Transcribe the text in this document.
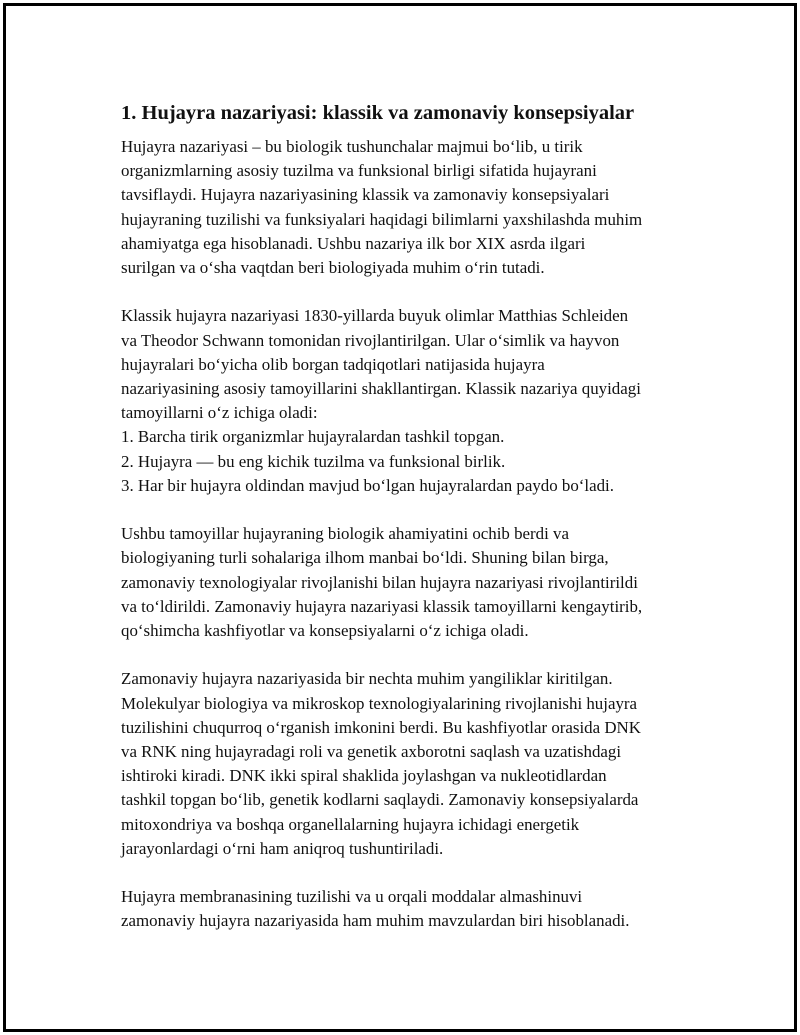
1. Hujayra nazariyasi: klassik va zamonaviy konsepsiyalar

Hujayra nazariyasi – bu biologik tushunchalar majmui bo‘lib, u tirik
organizmlarning asosiy tuzilma va funksional birligi sifatida hujayrani
tavsiflaydi. Hujayra nazariyasining klassik va zamonaviy konsepsiyalari
hujayraning tuzilishi va funksiyalari haqidagi bilimlarni yaxshilashda muhim
ahamiyatga ega hisoblanadi. Ushbu nazariya ilk bor XIX asrda ilgari
surilgan va o‘sha vaqtdan beri biologiyada muhim o‘rin tutadi.

Klassik hujayra nazariyasi 1830-yillarda buyuk olimlar Matthias Schleiden
va Theodor Schwann tomonidan rivojlantirilgan. Ular o‘simlik va hayvon
hujayralari bo‘yicha olib borgan tadqiqotlari natijasida hujayra
nazariyasining asosiy tamoyillarini shakllantirgan. Klassik nazariya quyidagi
tamoyillarni o‘z ichiga oladi:
1. Barcha tirik organizmlar hujayralardan tashkil topgan.
2. Hujayra — bu eng kichik tuzilma va funksional birlik.
3. Har bir hujayra oldindan mavjud bo‘lgan hujayralardan paydo bo‘ladi.

Ushbu tamoyillar hujayraning biologik ahamiyatini ochib berdi va
biologiyaning turli sohalariga ilhom manbai bo‘ldi. Shuning bilan birga,
zamonaviy texnologiyalar rivojlanishi bilan hujayra nazariyasi rivojlantirildi
va to‘ldirildi. Zamonaviy hujayra nazariyasi klassik tamoyillarni kengaytirib,
qo‘shimcha kashfiyotlar va konsepsiyalarni o‘z ichiga oladi.

Zamonaviy hujayra nazariyasida bir nechta muhim yangiliklar kiritilgan.
Molekulyar biologiya va mikroskop texnologiyalarining rivojlanishi hujayra
tuzilishini chuqurroq o‘rganish imkonini berdi. Bu kashfiyotlar orasida DNK
va RNK ning hujayradagi roli va genetik axborotni saqlash va uzatishdagi
ishtiroki kiradi. DNK ikki spiral shaklida joylashgan va nukleotidlardan
tashkil topgan bo‘lib, genetik kodlarni saqlaydi. Zamonaviy konsepsiyalarda
mitoxondriya va boshqa organellalarning hujayra ichidagi energetik
jarayonlardagi o‘rni ham aniqroq tushuntiriladi.

Hujayra membranasining tuzilishi va u orqali moddalar almashinuvi
zamonaviy hujayra nazariyasida ham muhim mavzulardan biri hisoblanadi.
